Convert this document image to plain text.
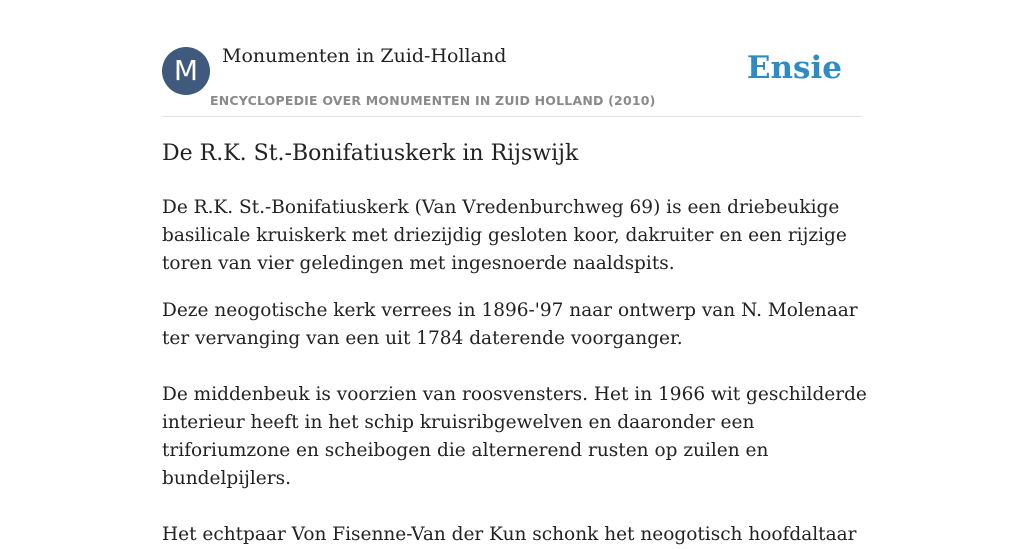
M	Monumenten in Zuid-Holland
ENCYCLOPEDIE OVER MONUMENTEN IN ZUID HOLLAND (2010)
Ensie
De R.K. St.-Bonifatiuskerk in Rijswijk

De R.K. St.-Bonifatiuskerk (Van Vredenburchweg 69) is een driebeukige basilicale kruiskerk met driezijdig gesloten koor, dakruiter en een rijzige toren van vier geledingen met ingesnoerde naaldspits.

Deze neogotische kerk verrees in 1896-'97 naar ontwerp van N. Molenaar ter vervanging van een uit 1784 daterende voorganger.

De middenbeuk is voorzien van roosvensters. Het in 1966 wit geschilderde interieur heeft in het schip kruisribgewelven en daaronder een triforiumzone en scheibogen die alternerend rusten op zuilen en bundelpijlers.

Het echtpaar Von Fisenne-Van der Kun schonk het neogotisch hoofdaltaar
